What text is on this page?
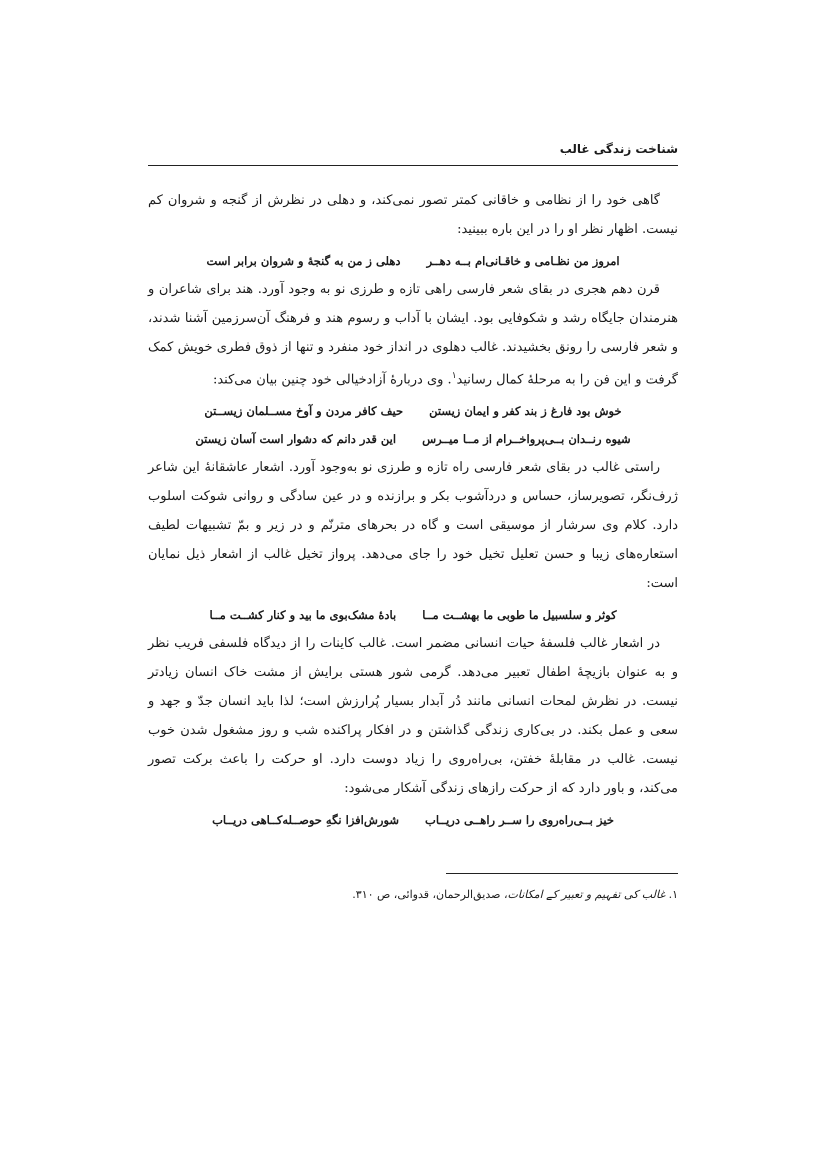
شناخت زندگی غالب

گاهی خود را از نظامی و خاقانی کمتر تصور نمی‌کند، و دهلی در نظرش از گنجه و شروان کم نیست. اظهار نظر او را در این باره ببینید:

امروز من نظـامی و خاقـانی‌ام بــه دهــر
دهلی ز من به گنجهٔ و شروان برابر است

قرن دهم هجری در بقای شعر فارسی راهی تازه و طرزی نو به وجود آورد. هند برای شاعران و هنرمندان جایگاه رشد و شکوفایی بود. ایشان با آداب و رسوم هند و فرهنگ آن‌سرزمین آشنا شدند، و شعر فارسی را رونق بخشیدند. غالب دهلوی در انداز خود منفرد و تنها از ذوق فطری خویش کمک گرفت و این فن را به مرحلهٔ کمال رسانید$^۱$. وی دربارهٔ آزادخیالی خود چنین بیان می‌کند:

خوش بود فارغ ز بند کفر و ایمان زیستن
حیف کافر مردن و آوخ مســلمان زیســتن
شیوه رنــدان بــی‌پرواخــرام از مــا میــرس
این قدر دانم که دشوار است آسان زیستن

راستی غالب در بقای شعر فارسی راه تازه و طرزی نو به‌وجود آورد. اشعار عاشقانهٔ این شاعر ژرف‌نگر، تصویرساز، حساس و دردآشوب بکر و برازنده و در عین سادگی و روانی شوکت اسلوب دارد. کلام وی سرشار از موسیقی است و گاه در بحرهای مترنّم و در زیر و بمّ تشبیهات لطیف استعاره‌های زیبا و حسن تعلیل تخیل خود را جای می‌دهد. پرواز تخیل غالب از اشعار ذیل نمایان است:

کوثر و سلسبیل ما طوبی ما بهشــت مــا
بادهٔ مشک‌بوی ما بید و کنار کشــت مــا

در اشعار غالب فلسفهٔ حیات انسانی مضمر است. غالب کاینات را از دیدگاه فلسفی فریب نظر و به عنوان بازیچهٔ اطفال تعبیر می‌دهد. گرمی شور هستی برایش از مشت خاک انسان زیادتر نیست. در نظرش لمحات انسانی مانند دُر آبدار بسیار پُرارزش است؛ لذا باید انسان جدّ و جهد و سعی و عمل بکند. در بی‌کاری زندگی گذاشتن و در افکار پراکنده شب و روز مشغول شدن خوب نیست. غالب در مقابلهٔ خفتن، بی‌راه‌روی را زیاد دوست دارد. او حرکت را باعث برکت تصور می‌کند، و باور دارد که از حرکت رازهای زندگی آشکار می‌شود:

خیز بــی‌راه‌روی را ســر راهــی دریــاب
شورش‌افزا نگهِ حوصــله‌کــاهی دریــاب
۱. غالب کی تفہیم و تعبیر کے امکانات، صدیق‌الرحمان، قدوائی، ص ۳۱۰.
